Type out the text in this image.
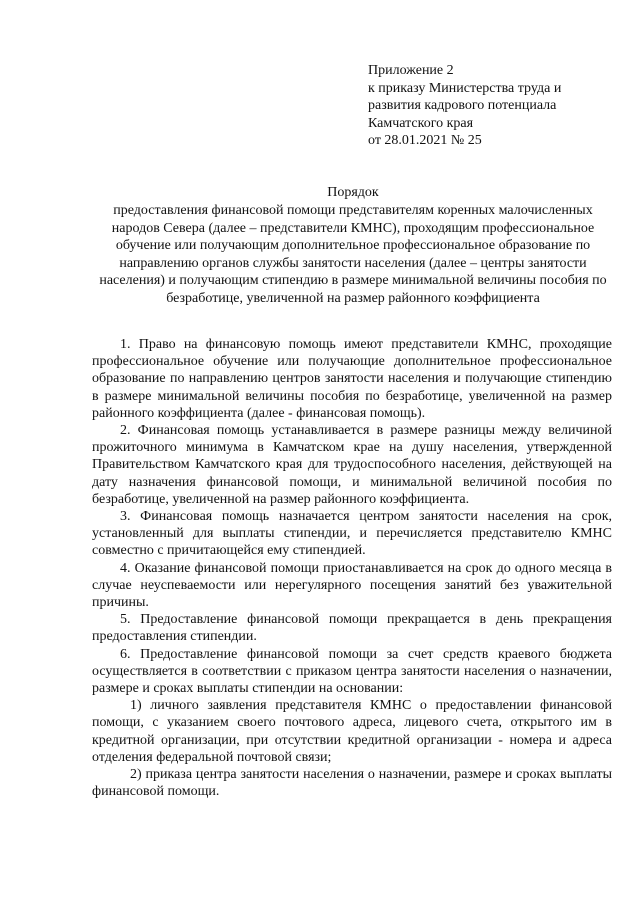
Приложение 2
к приказу Министерства труда и
развития кадрового потенциала
Камчатского края
от 28.01.2021 № 25
Порядок
предоставления финансовой помощи представителям коренных малочисленных народов Севера (далее – представители КМНС), проходящим профессиональное обучение или получающим дополнительное профессиональное образование по направлению органов службы занятости населения (далее – центры занятости населения) и получающим стипендию в размере минимальной величины пособия по безработице, увеличенной на размер районного коэффициента

1. Право на финансовую помощь имеют представители КМНС, проходящие профессиональное обучение или получающие дополнительное профессиональное образование по направлению центров занятости населения и получающие стипендию в размере минимальной величины пособия по безработице, увеличенной на размер районного коэффициента (далее - финансовая помощь).

2. Финансовая помощь устанавливается в размере разницы между величиной прожиточного минимума в Камчатском крае на душу населения, утвержденной Правительством Камчатского края для трудоспособного населения, действующей на дату назначения финансовой помощи, и минимальной величиной пособия по безработице, увеличенной на размер районного коэффициента.

3. Финансовая помощь назначается центром занятости населения на срок, установленный для выплаты стипендии, и перечисляется представителю КМНС совместно с причитающейся ему стипендией.

4. Оказание финансовой помощи приостанавливается на срок до одного месяца в случае неуспеваемости или нерегулярного посещения занятий без уважительной причины.

5. Предоставление финансовой помощи прекращается в день прекращения предоставления стипендии.

6. Предоставление финансовой помощи за счет средств краевого бюджета осуществляется в соответствии с приказом центра занятости населения о назначении, размере и сроках выплаты стипендии на основании:

1) личного заявления представителя КМНС о предоставлении финансовой помощи, с указанием своего почтового адреса, лицевого счета, открытого им в кредитной организации, при отсутствии кредитной организации - номера и адреса отделения федеральной почтовой связи;

2) приказа центра занятости населения о назначении, размере и сроках выплаты финансовой помощи.
